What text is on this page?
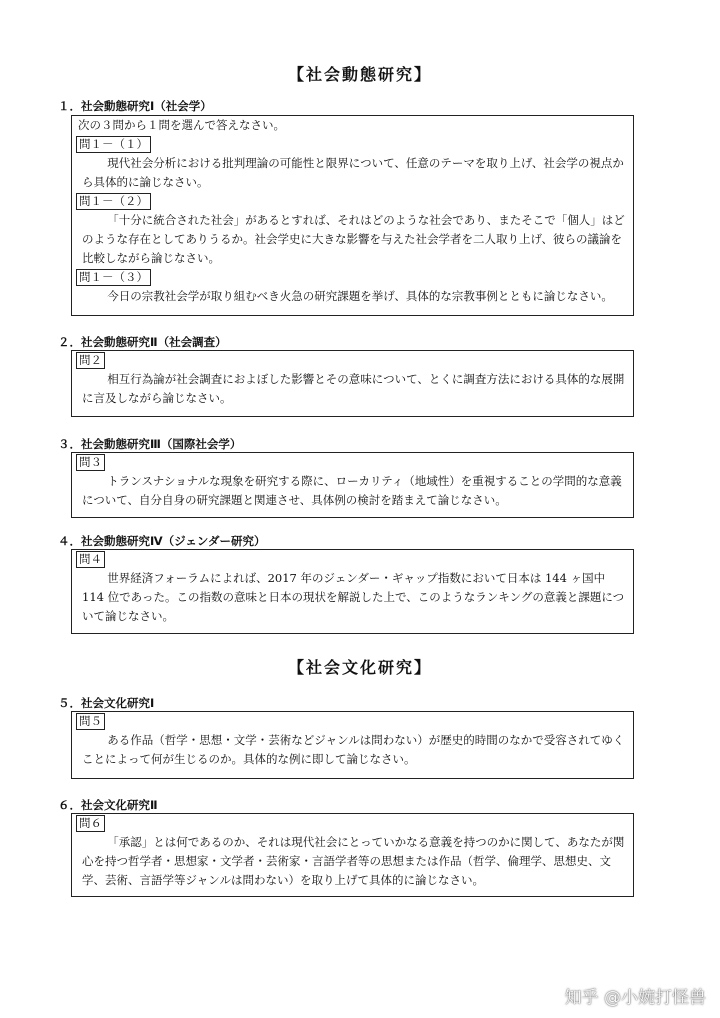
【社会動態研究】
１．社会動態研究Ⅰ（社会学）

次の３問から１問を選んで答えなさい。

問１－（１）

現代社会分析における批判理論の可能性と限界について、任意のテーマを取り上げ、社会学の視点から具体的に論じなさい。

問１－（２）

「十分に統合された社会」があるとすれば、それはどのような社会であり、またそこで「個人」はどのような存在としてありうるか。社会学史に大きな影響を与えた社会学者を二人取り上げ、彼らの議論を比較しながら論じなさい。

問１－（３）

今日の宗教社会学が取り組むべき火急の研究課題を挙げ、具体的な宗教事例とともに論じなさい。

２．社会動態研究Ⅱ（社会調査）
問２

相互行為論が社会調査におよぼした影響とその意味について、とくに調査方法における具体的な展開に言及しながら論じなさい。

３．社会動態研究Ⅲ（国際社会学）
問３

トランスナショナルな現象を研究する際に、ローカリティ（地域性）を重視することの学問的な意義について、自分自身の研究課題と関連させ、具体例の検討を踏まえて論じなさい。

４．社会動態研究Ⅳ（ジェンダー研究）
問４

世界経済フォーラムによれば、2017 年のジェンダー・ギャップ指数において日本は 144 ヶ国中 114 位であった。この指数の意味と日本の現状を解説した上で、このようなランキングの意義と課題について論じなさい。

【社会文化研究】
５．社会文化研究Ⅰ
問５

ある作品（哲学・思想・文学・芸術などジャンルは問わない）が歴史的時間のなかで受容されてゆくことによって何が生じるのか。具体的な例に即して論じなさい。

６．社会文化研究Ⅱ
問６

「承認」とは何であるのか、それは現代社会にとっていかなる意義を持つのかに関して、あなたが関心を持つ哲学者・思想家・文学者・芸術家・言語学者等の思想または作品（哲学、倫理学、思想史、文学、芸術、言語学等ジャンルは問わない）を取り上げて具体的に論じなさい。

知乎 @小婉打怪兽
